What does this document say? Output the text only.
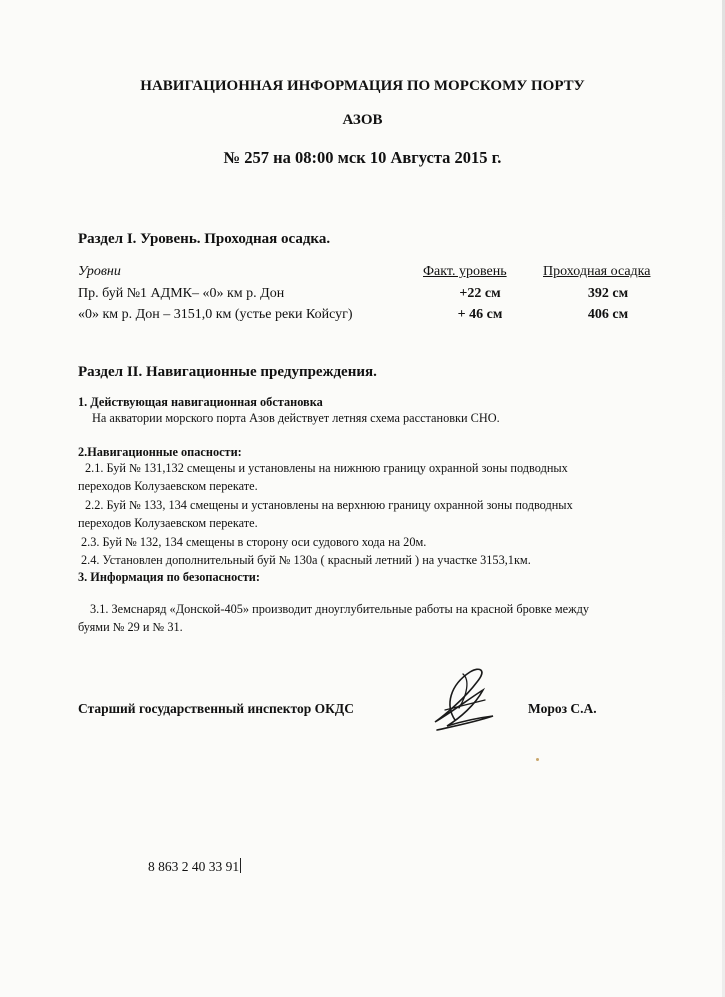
НАВИГАЦИОННАЯ ИНФОРМАЦИЯ ПО МОРСКОМУ ПОРТУ
АЗОВ
№ 257 на 08:00 мск 10 Августа 2015 г.
Раздел I. Уровень. Проходная осадка.
Уровни	Факт. уровень	Проходная осадка
Пр. буй №1 АДМК– «0» км р. Дон	+22 см	392 см
«0» км р. Дон – 3151,0 км (устье реки Койсуг)	+ 46 см	406 см
Раздел II. Навигационные предупреждения.
1. Действующая навигационная обстановка
На акватории морского порта Азов действует летняя схема расстановки СНО.
2.Навигационные опасности:
2.1. Буй № 131,132 смещены и установлены на нижнюю границу охранной зоны подводных
переходов Колузаевском перекате.
2.2. Буй № 133, 134 смещены и установлены на верхнюю границу охранной зоны подводных
переходов Колузаевском перекате.
2.3. Буй № 132, 134 смещены в сторону оси судового хода на 20м.
2.4. Установлен дополнительный буй № 130а ( красный летний ) на участке 3153,1км.
3. Информация по безопасности:
3.1. Земснаряд «Донской-405» производит дноуглубительные работы на красной бровке между
буями № 29 и № 31.
Старший государственный инспектор ОКДС	Мороз С.А.
8 863 2 40 33 91
